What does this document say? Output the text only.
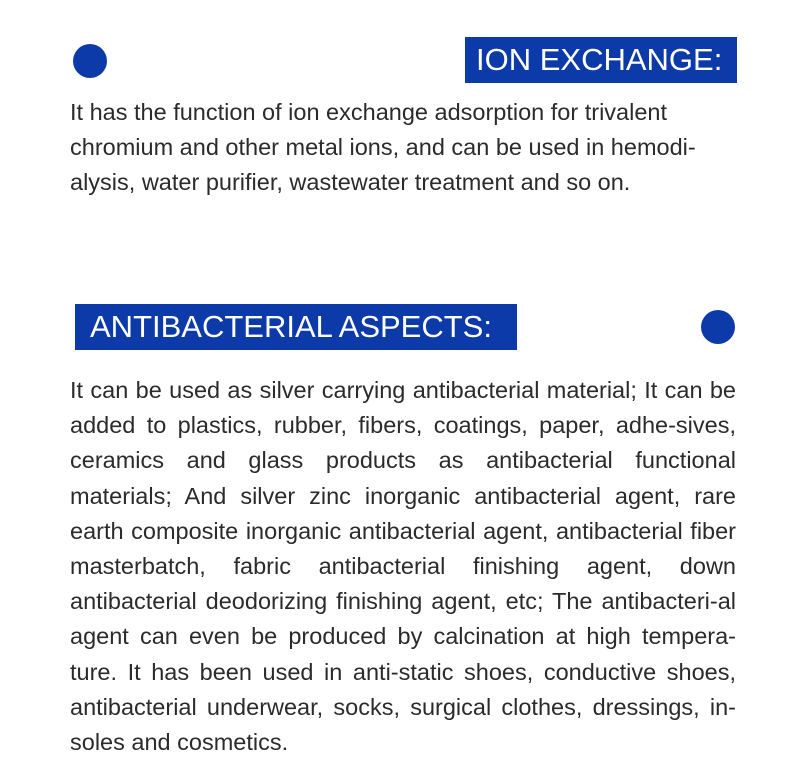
ION EXCHANGE:

It has the function of ion exchange adsorption for trivalent chromium and other metal ions, and can be used in hemodi-alysis, water purifier, wastewater treatment and so on.

ANTIBACTERIAL ASPECTS:

It can be used as silver carrying antibacterial material; It can be added to plastics, rubber, fibers, coatings, paper, adhe-sives, ceramics and glass products as antibacterial functional materials; And silver zinc inorganic antibacterial agent, rare earth composite inorganic antibacterial agent, antibacterial fiber masterbatch, fabric antibacterial finishing agent, down antibacterial deodorizing finishing agent, etc; The antibacteri-al agent can even be produced by calcination at high tempera-ture. It has been used in anti-static shoes, conductive shoes, antibacterial underwear, socks, surgical clothes, dressings, in-soles and cosmetics.
